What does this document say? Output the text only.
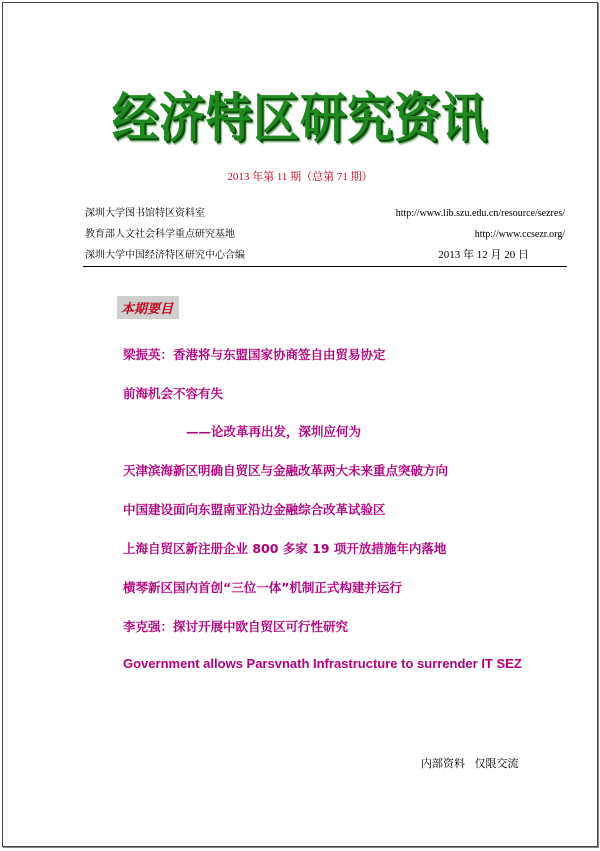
经济特区研究资讯
2013 年第 11 期（总第 71 期）
深圳大学图书馆特区资料室	http://www.lib.szu.edu.cn/resource/sezres/
教育部人文社会科学重点研究基地	http://www.ccsezr.org/
深圳大学中国经济特区研究中心合编	2013 年 12 月 20 日
本期要目
梁振英：香港将与东盟国家协商签自由贸易协定
前海机会不容有失
——论改革再出发，深圳应何为
天津滨海新区明确自贸区与金融改革两大未来重点突破方向
中国建设面向东盟南亚沿边金融综合改革试验区
上海自贸区新注册企业 800 多家 19 项开放措施年内落地
横琴新区国内首创“三位一体”机制正式构建并运行
李克强：探讨开展中欧自贸区可行性研究
Government allows Parsvnath Infrastructure to surrender IT SEZ
内部资料 仅限交流
